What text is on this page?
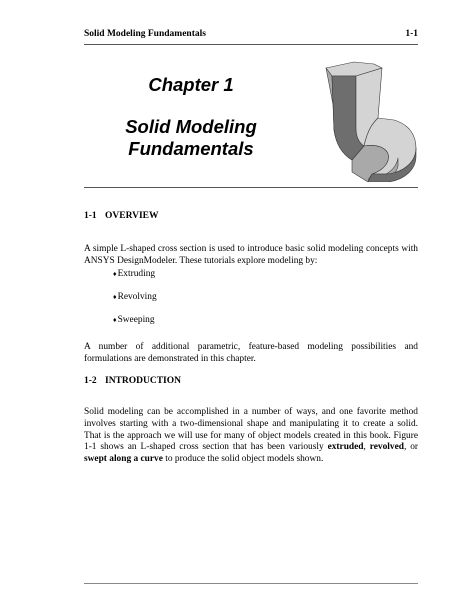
Solid Modeling Fundamentals	1-1
Chapter 1
Solid Modeling
Fundamentals
1-1 OVERVIEW

A simple L-shaped cross section is used to introduce basic solid modeling concepts with ANSYS DesignModeler. These tutorials explore modeling by:

♦Extruding
♦Revolving
♦Sweeping

A number of additional parametric, feature-based modeling possibilities and formulations are demonstrated in this chapter.

1-2 INTRODUCTION

Solid modeling can be accomplished in a number of ways, and one favorite method involves starting with a two-dimensional shape and manipulating it to create a solid. That is the approach we will use for many of object models created in this book. Figure 1-1 shows an L-shaped cross section that has been variously extruded, revolved, or swept along a curve to produce the solid object models shown.
